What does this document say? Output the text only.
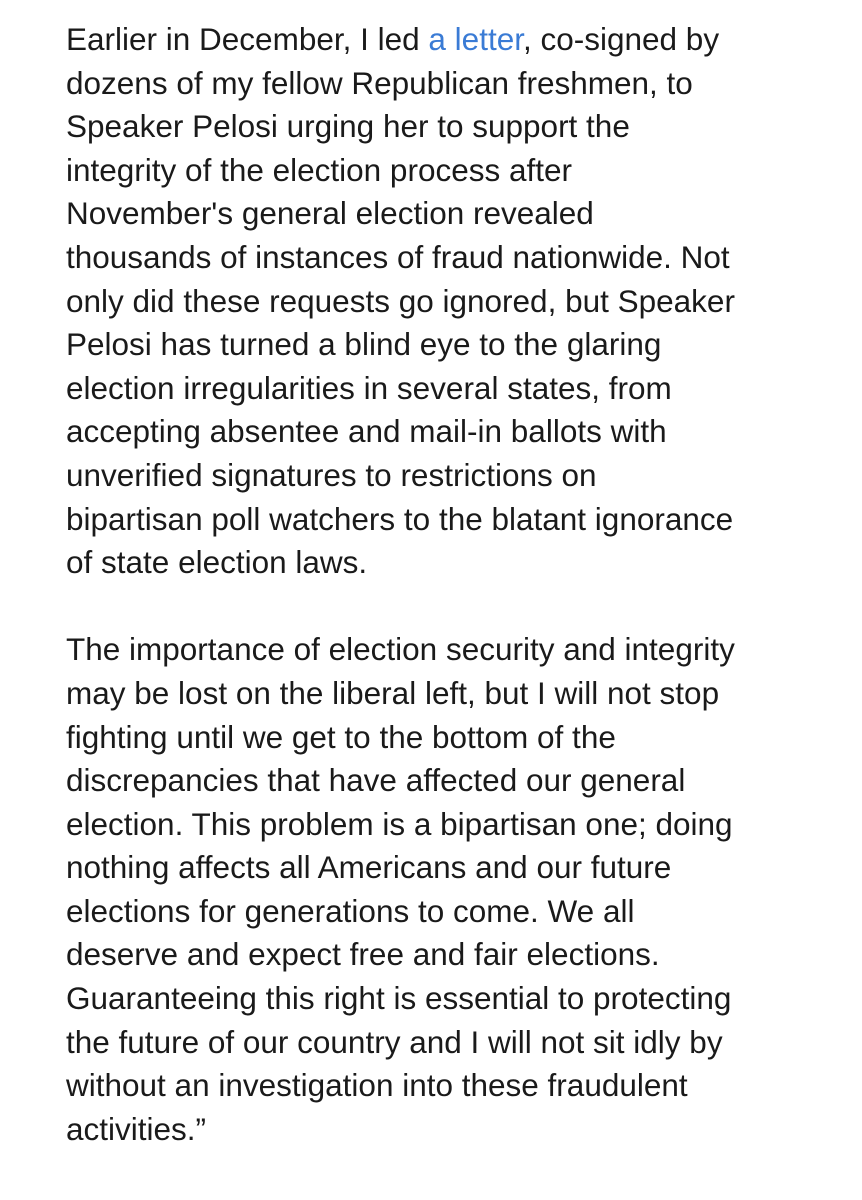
Earlier in December, I led a letter, co-signed by
dozens of my fellow Republican freshmen, to
Speaker Pelosi urging her to support the
integrity of the election process after
November's general election revealed
thousands of instances of fraud nationwide. Not
only did these requests go ignored, but Speaker
Pelosi has turned a blind eye to the glaring
election irregularities in several states, from
accepting absentee and mail-in ballots with
unverified signatures to restrictions on
bipartisan poll watchers to the blatant ignorance
of state election laws.

The importance of election security and integrity
may be lost on the liberal left, but I will not stop
fighting until we get to the bottom of the
discrepancies that have affected our general
election. This problem is a bipartisan one; doing
nothing affects all Americans and our future
elections for generations to come. We all
deserve and expect free and fair elections.
Guaranteeing this right is essential to protecting
the future of our country and I will not sit idly by
without an investigation into these fraudulent
activities.”
